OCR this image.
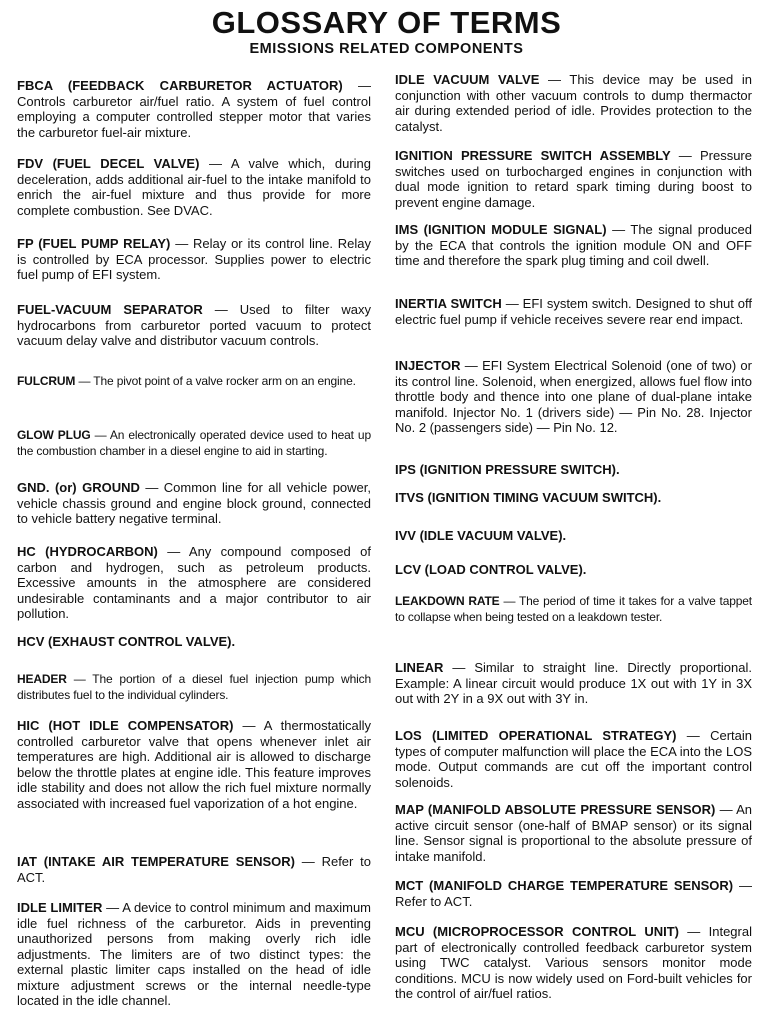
GLOSSARY OF TERMS
EMISSIONS RELATED COMPONENTS

FBCA (FEEDBACK CARBURETOR ACTUATOR) — Controls carburetor air/fuel ratio. A system of fuel control employing a computer controlled stepper motor that varies the carburetor fuel-air mixture.

FDV (FUEL DECEL VALVE) — A valve which, during deceleration, adds additional air-fuel to the intake manifold to enrich the air-fuel mixture and thus provide for more complete combustion. See DVAC.

FP (FUEL PUMP RELAY) — Relay or its control line. Relay is controlled by ECA processor. Supplies power to electric fuel pump of EFI system.

FUEL-VACUUM SEPARATOR — Used to filter waxy hydrocarbons from carburetor ported vacuum to protect vacuum delay valve and distributor vacuum controls.

FULCRUM — The pivot point of a valve rocker arm on an engine.

GLOW PLUG — An electronically operated device used to heat up the combustion chamber in a diesel engine to aid in starting.

GND. (or) GROUND — Common line for all vehicle power, vehicle chassis ground and engine block ground, connected to vehicle battery negative terminal.

HC (HYDROCARBON) — Any compound composed of carbon and hydrogen, such as petroleum products. Excessive amounts in the atmosphere are considered undesirable contaminants and a major contributor to air pollution.

HCV (EXHAUST CONTROL VALVE).

HEADER — The portion of a diesel fuel injection pump which distributes fuel to the individual cylinders.

HIC (HOT IDLE COMPENSATOR) — A thermostatically controlled carburetor valve that opens whenever inlet air temperatures are high. Additional air is allowed to discharge below the throttle plates at engine idle. This feature improves idle stability and does not allow the rich fuel mixture normally associated with increased fuel vaporization of a hot engine.

IAT (INTAKE AIR TEMPERATURE SENSOR) — Refer to ACT.

IDLE LIMITER — A device to control minimum and maximum idle fuel richness of the carburetor. Aids in preventing unauthorized persons from making overly rich idle adjustments. The limiters are of two distinct types: the external plastic limiter caps installed on the head of idle mixture adjustment screws or the internal needle-type located in the idle channel.

IDLE VACUUM VALVE — This device may be used in conjunction with other vacuum controls to dump thermactor air during extended period of idle. Provides protection to the catalyst.

IGNITION PRESSURE SWITCH ASSEMBLY — Pressure switches used on turbocharged engines in conjunction with dual mode ignition to retard spark timing during boost to prevent engine damage.

IMS (IGNITION MODULE SIGNAL) — The signal produced by the ECA that controls the ignition module ON and OFF time and therefore the spark plug timing and coil dwell.

INERTIA SWITCH — EFI system switch. Designed to shut off electric fuel pump if vehicle receives severe rear end impact.

INJECTOR — EFI System Electrical Solenoid (one of two) or its control line. Solenoid, when energized, allows fuel flow into throttle body and thence into one plane of dual-plane intake manifold. Injector No. 1 (drivers side) — Pin No. 28. Injector No. 2 (passengers side) — Pin No. 12.

IPS (IGNITION PRESSURE SWITCH).

ITVS (IGNITION TIMING VACUUM SWITCH).

IVV (IDLE VACUUM VALVE).

LCV (LOAD CONTROL VALVE).

LEAKDOWN RATE — The period of time it takes for a valve tappet to collapse when being tested on a leakdown tester.

LINEAR — Similar to straight line. Directly proportional. Example: A linear circuit would produce 1X out with 1Y in 3X out with 2Y in a 9X out with 3Y in.

LOS (LIMITED OPERATIONAL STRATEGY) — Certain types of computer malfunction will place the ECA into the LOS mode. Output commands are cut off the important control solenoids.

MAP (MANIFOLD ABSOLUTE PRESSURE SENSOR) — An active circuit sensor (one-half of BMAP sensor) or its signal line. Sensor signal is proportional to the absolute pressure of intake manifold.

MCT (MANIFOLD CHARGE TEMPERATURE SENSOR) — Refer to ACT.

MCU (MICROPROCESSOR CONTROL UNIT) — Integral part of electronically controlled feedback carburetor system using TWC catalyst. Various sensors monitor mode conditions. MCU is now widely used on Ford-built vehicles for the control of air/fuel ratios.
